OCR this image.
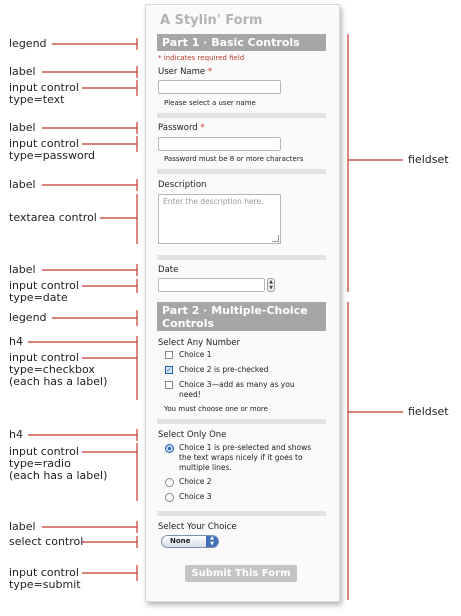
A Stylin' Form
Part 1 · Basic Controls
* indicates required field
User Name *
Please select a user name
Password *
Password must be 8 or more characters
Description
Enter the description here.
Date
▲
▼
Part 2 · Multiple-Choice Controls
Select Any Number
Choice 1
✓ Choice 2 is pre-checked
Choice 3—add as many as you need!
You must choose one or more
Select Only One
Choice 1 is pre-selected and shows the text wraps nicely if it goes to multiple lines.
Choice 2
Choice 3
Select Your Choice
None	▲
▼
Submit This Form
legend
label
input control
type=text
label
input control
type=password
label
textarea control
label
input control
type=date
legend
h4
input control
type=checkbox
(each has a label)
h4
input control
type=radio
(each has a label)
label
select control
input control
type=submit
fieldset
fieldset
